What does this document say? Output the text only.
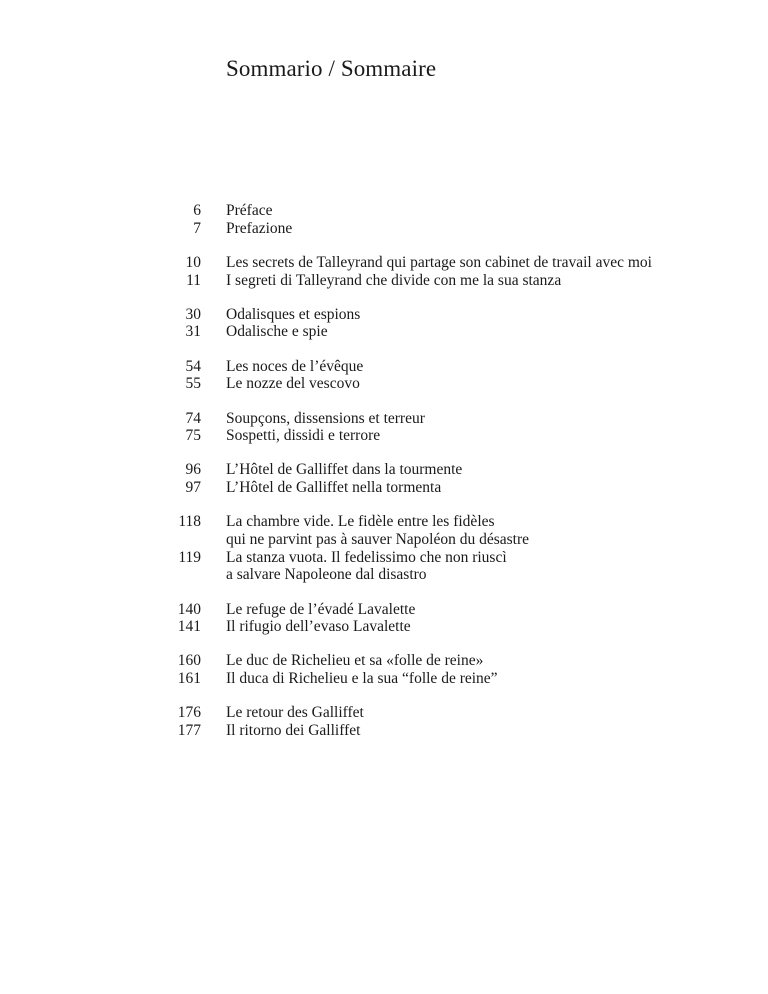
Sommario / Sommaire
6 Préface
7 Prefazione
10 Les secrets de Talleyrand qui partage son cabinet de travail avec moi
11 I segreti di Talleyrand che divide con me la sua stanza
30 Odalisques et espions
31 Odalische e spie
54 Les noces de l’évêque
55 Le nozze del vescovo
74 Soupçons, dissensions et terreur
75 Sospetti, dissidi e terrore
96 L’Hôtel de Galliffet dans la tourmente
97 L’Hôtel de Galliffet nella tormenta
118 La chambre vide. Le fidèle entre les fidèles
qui ne parvint pas à sauver Napoléon du désastre
119 La stanza vuota. Il fedelissimo che non riuscì
a salvare Napoleone dal disastro
140 Le refuge de l’évadé Lavalette
141 Il rifugio dell’evaso Lavalette
160 Le duc de Richelieu et sa «folle de reine»
161 Il duca di Richelieu e la sua “folle de reine”
176 Le retour des Galliffet
177 Il ritorno dei Galliffet
